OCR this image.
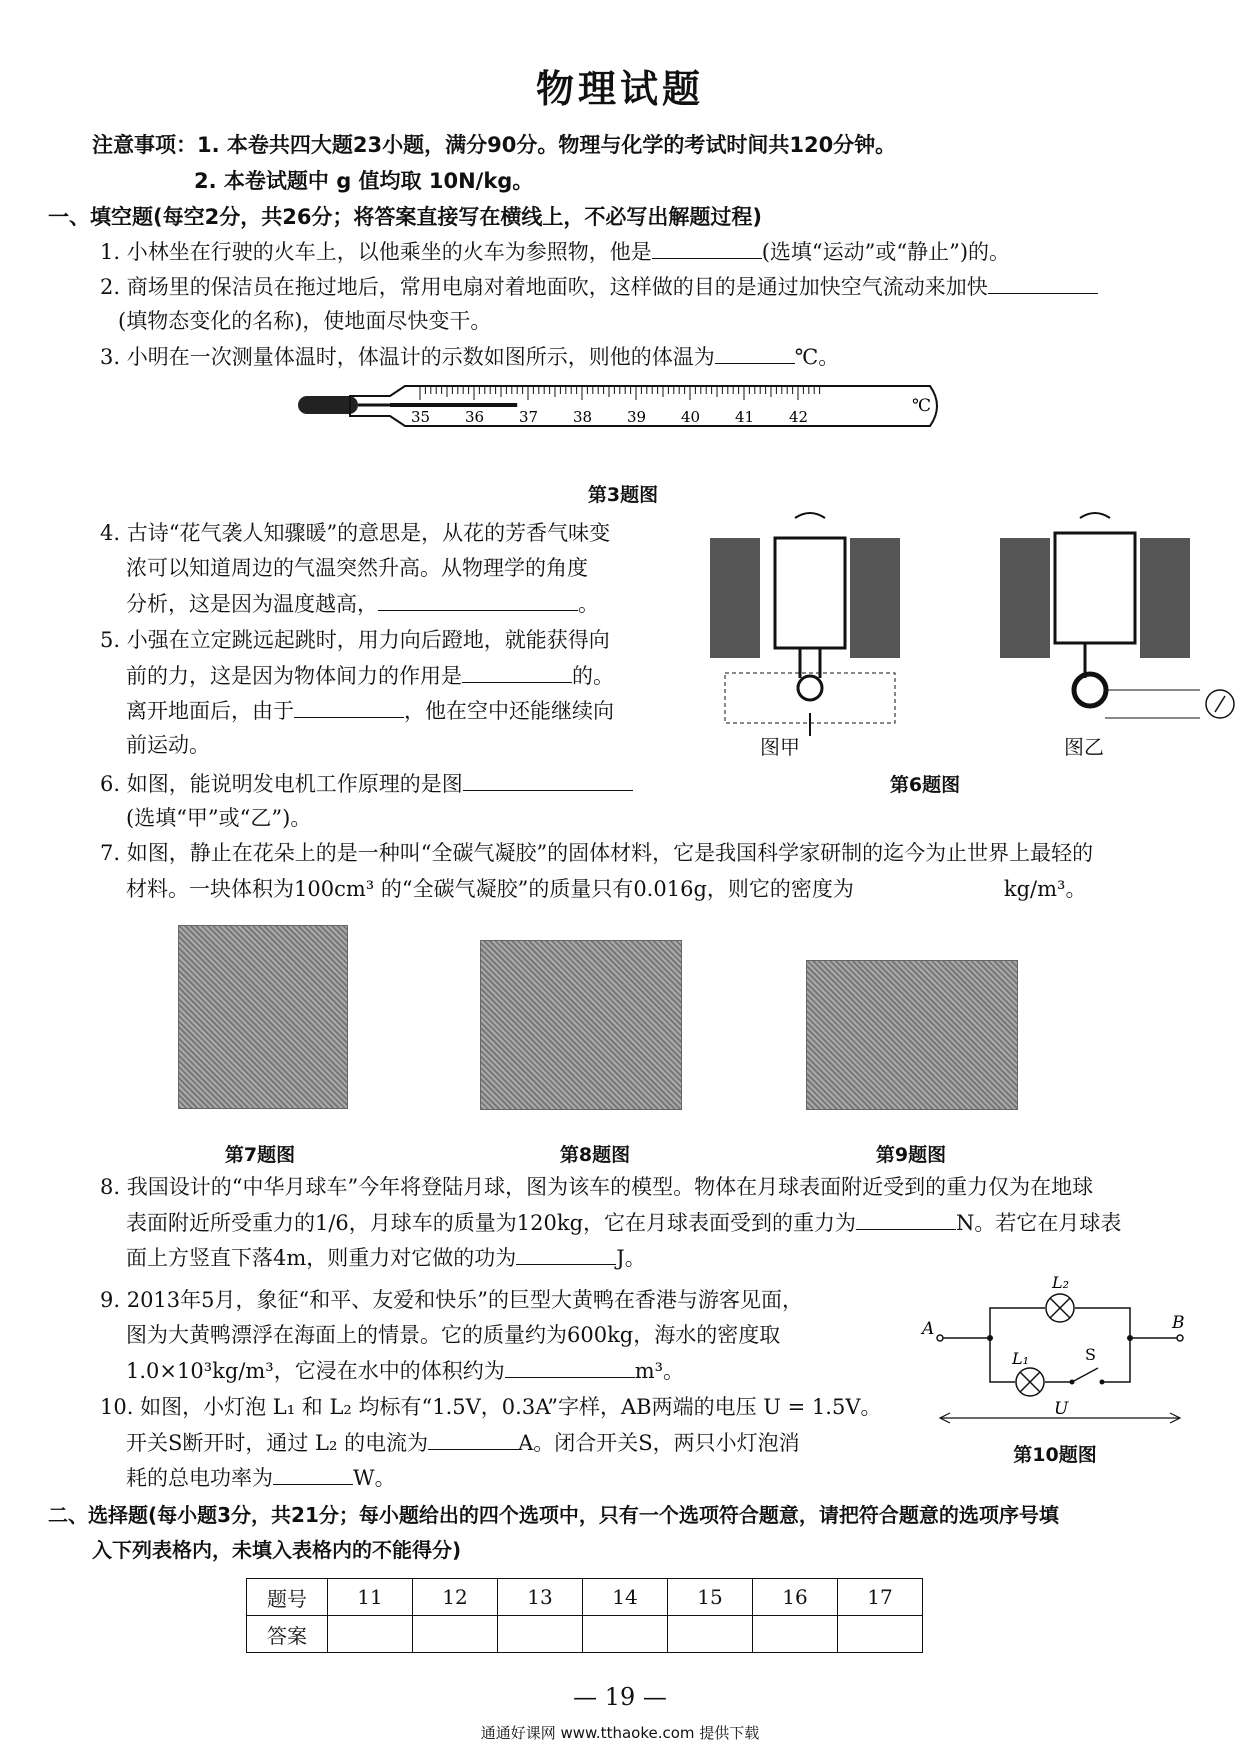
物理试题
注意事项：1. 本卷共四大题23小题，满分90分。物理与化学的考试时间共120分钟。
2. 本卷试题中 g 值均取 10N/kg。
一、填空题(每空2分，共26分；将答案直接写在横线上，不必写出解题过程)
1. 小林坐在行驶的火车上，以他乘坐的火车为参照物，他是	(选填“运动”或“静止”)的。
2. 商场里的保洁员在拖过地后，常用电扇对着地面吹，这样做的目的是通过加快空气流动来加快
(填物态变化的名称)，使地面尽快变干。
3. 小明在一次测量体温时，体温计的示数如图所示，则他的体温为	℃。
35 36 37 38 39 40 41 42
℃
第3题图
4. 古诗“花气袭人知骤暖”的意思是，从花的芳香气味变
浓可以知道周边的气温突然升高。从物理学的角度
分析，这是因为温度越高，	。
5. 小强在立定跳远起跳时，用力向后蹬地，就能获得向
前的力，这是因为物体间力的作用是	的。
离开地面后，由于	，他在空中还能继续向
前运动。
6. 如图，能说明发电机工作原理的是图
(选填“甲”或“乙”)。
图甲	图乙
第6题图
7. 如图，静止在花朵上的是一种叫“全碳气凝胶”的固体材料，它是我国科学家研制的迄今为止世界上最轻的
材料。一块体积为100cm³ 的“全碳气凝胶”的质量只有0.016g，则它的密度为	kg/m³。
第7题图	第8题图	第9题图
8. 我国设计的“中华月球车”今年将登陆月球，图为该车的模型。物体在月球表面附近受到的重力仅为在地球
表面附近所受重力的1/6，月球车的质量为120kg，它在月球表面受到的重力为	N。若它在月球表
面上方竖直下落4m，则重力对它做的功为	J。
9. 2013年5月，象征“和平、友爱和快乐”的巨型大黄鸭在香港与游客见面，
图为大黄鸭漂浮在海面上的情景。它的质量约为600kg，海水的密度取
1.0×10³kg/m³，它浸在水中的体积约为	m³。
10. 如图，小灯泡 L₁ 和 L₂ 均标有“1.5V，0.3A”字样，AB两端的电压 U = 1.5V。
开关S断开时，通过 L₂ 的电流为	A。闭合开关S，两只小灯泡消
耗的总电功率为	W。
A	B
L₂
L₁	S
U
第10题图
二、选择题(每小题3分，共21分；每小题给出的四个选项中，只有一个选项符合题意，请把符合题意的选项序号填
入下列表格内，未填入表格内的不能得分)
题号	11	12	13	14	15	16	17
答案							
— 19 —
通通好课网 www.tthaoke.com 提供下载
